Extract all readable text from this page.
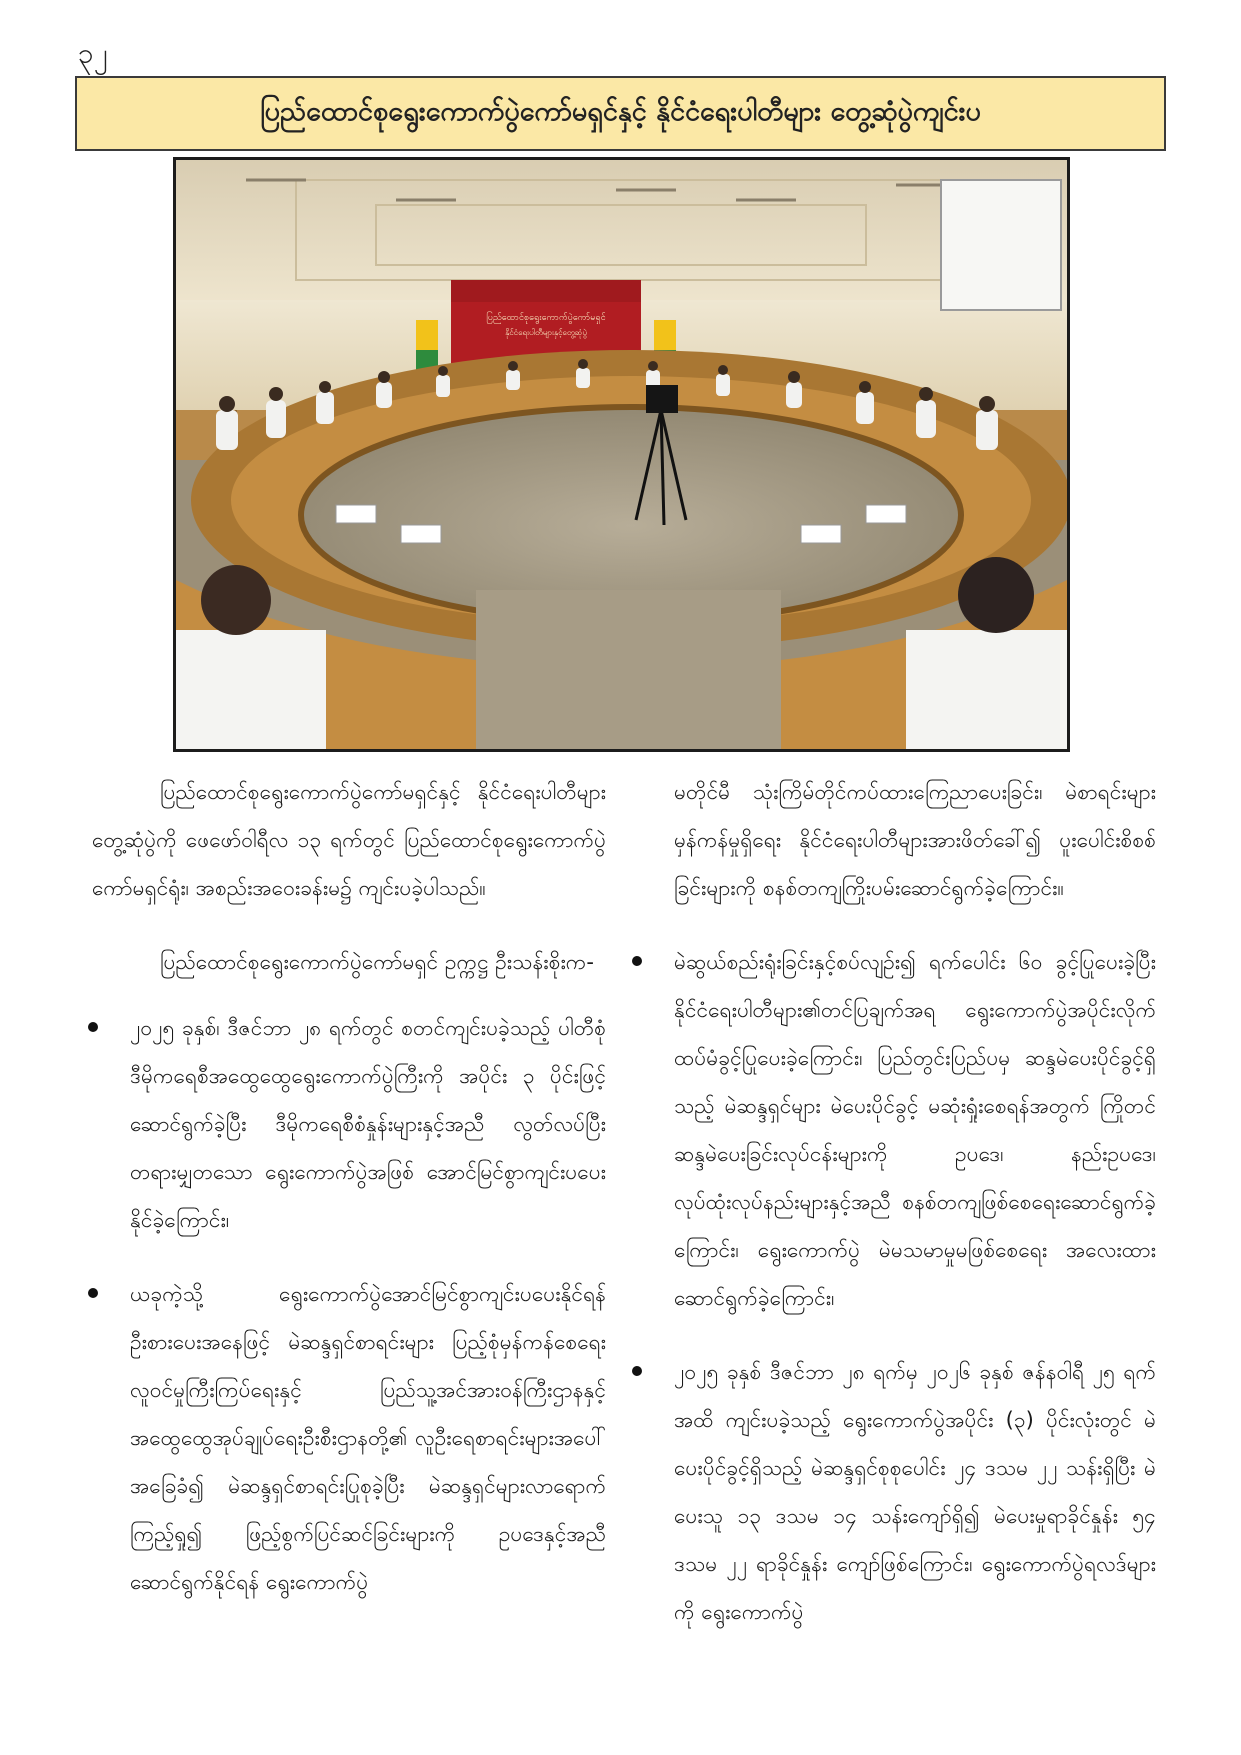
၃၂
ပြည်ထောင်စုရွေးကောက်ပွဲကော်မရှင်နှင့် နိုင်ငံရေးပါတီများ တွေ့ဆုံပွဲကျင်းပ
ပြည်ထောင်စုရွေးကောက်ပွဲကော်မရှင်
နိုင်ငံရေးပါတီများနှင့်တွေ့ဆုံပွဲ

ပြည်ထောင်စုရွေးကောက်ပွဲကော်မရှင်နှင့် နိုင်ငံရေးပါတီများတွေ့ဆုံပွဲကို ဖေဖော်ဝါရီလ ၁၃ ရက်တွင် ပြည်ထောင်စုရွေးကောက်ပွဲကော်မရှင်ရုံး၊ အစည်းအဝေးခန်းမ၌ ကျင်းပခဲ့ပါသည်။

ပြည်ထောင်စုရွေးကောက်ပွဲကော်မရှင် ဥက္ကဋ္ဌ ဦးသန်းစိုးက-

၂၀၂၅ ခုနှစ်၊ ဒီဇင်ဘာ ၂၈ ရက်တွင် စတင်ကျင်းပခဲ့သည့် ပါတီစုံဒီမိုကရေစီအထွေထွေရွေးကောက်ပွဲကြီးကို အပိုင်း ၃ ပိုင်းဖြင့်ဆောင်ရွက်ခဲ့ပြီး ဒီမိုကရေစီစံနှုန်းများနှင့်အညီ လွတ်လပ်ပြီးတရားမျှတသော ရွေးကောက်ပွဲအဖြစ် အောင်မြင်စွာကျင်းပပေးနိုင်ခဲ့ကြောင်း၊
ယခုကဲ့သို့ ရွေးကောက်ပွဲအောင်မြင်စွာကျင်းပပေးနိုင်ရန် ဦးစားပေးအနေဖြင့် မဲဆန္ဒရှင်စာရင်းများ ပြည့်စုံမှန်ကန်စေရေး လူဝင်မှုကြီးကြပ်ရေးနှင့် ပြည်သူ့အင်အားဝန်ကြီးဌာနနှင့် အထွေထွေအုပ်ချုပ်ရေးဦးစီးဌာနတို့၏ လူဦးရေစာရင်းများအပေါ်အခြေခံ၍ မဲဆန္ဒရှင်စာရင်းပြုစုခဲ့ပြီး မဲဆန္ဒရှင်များလာရောက်ကြည့်ရှု၍ ဖြည့်စွက်ပြင်ဆင်ခြင်းများကို ဥပဒေနှင့်အညီ ဆောင်ရွက်နိုင်ရန် ရွေးကောက်ပွဲ

မတိုင်မီ သုံးကြိမ်တိုင်ကပ်ထားကြေညာပေးခြင်း၊ မဲစာရင်းများမှန်ကန်မှုရှိရေး နိုင်ငံရေးပါတီများအားဖိတ်ခေါ်၍ ပူးပေါင်းစိစစ်ခြင်းများကို စနစ်တကျကြိုးပမ်းဆောင်ရွက်ခဲ့ကြောင်း။

မဲဆွယ်စည်းရုံးခြင်းနှင့်စပ်လျဉ်း၍ ရက်ပေါင်း ၆၀ ခွင့်ပြုပေးခဲ့ပြီး နိုင်ငံရေးပါတီများ၏တင်ပြချက်အရ ရွေးကောက်ပွဲအပိုင်းလိုက် ထပ်မံခွင့်ပြုပေးခဲ့ကြောင်း၊ ပြည်တွင်းပြည်ပမှ ဆန္ဒမဲပေးပိုင်ခွင့်ရှိသည့် မဲဆန္ဒရှင်များ မဲပေးပိုင်ခွင့် မဆုံးရှုံးစေရန်အတွက် ကြိုတင်ဆန္ဒမဲပေးခြင်းလုပ်ငန်းများကို ဥပဒေ၊ နည်းဥပဒေ၊ လုပ်ထုံးလုပ်နည်းများနှင့်အညီ စနစ်တကျဖြစ်စေရေးဆောင်ရွက်ခဲ့ကြောင်း၊ ရွေးကောက်ပွဲ မဲမသမာမှုမဖြစ်စေရေး အလေးထားဆောင်ရွက်ခဲ့ကြောင်း၊
၂၀၂၅ ခုနှစ် ဒီဇင်ဘာ ၂၈ ရက်မှ ၂၀၂၆ ခုနှစ် ဇန်နဝါရီ ၂၅ ရက်အထိ ကျင်းပခဲ့သည့် ရွေးကောက်ပွဲအပိုင်း (၃) ပိုင်းလုံးတွင် မဲပေးပိုင်ခွင့်ရှိသည့် မဲဆန္ဒရှင်စုစုပေါင်း ၂၄ ဒသမ ၂၂ သန်းရှိပြီး မဲပေးသူ ၁၃ ဒသမ ၁၄ သန်းကျော်ရှိ၍ မဲပေးမှုရာခိုင်နှုန်း ၅၄ ဒသမ ၂၂ ရာခိုင်နှုန်း ကျော်ဖြစ်ကြောင်း၊ ရွေးကောက်ပွဲရလဒ်များကို ရွေးကောက်ပွဲ
